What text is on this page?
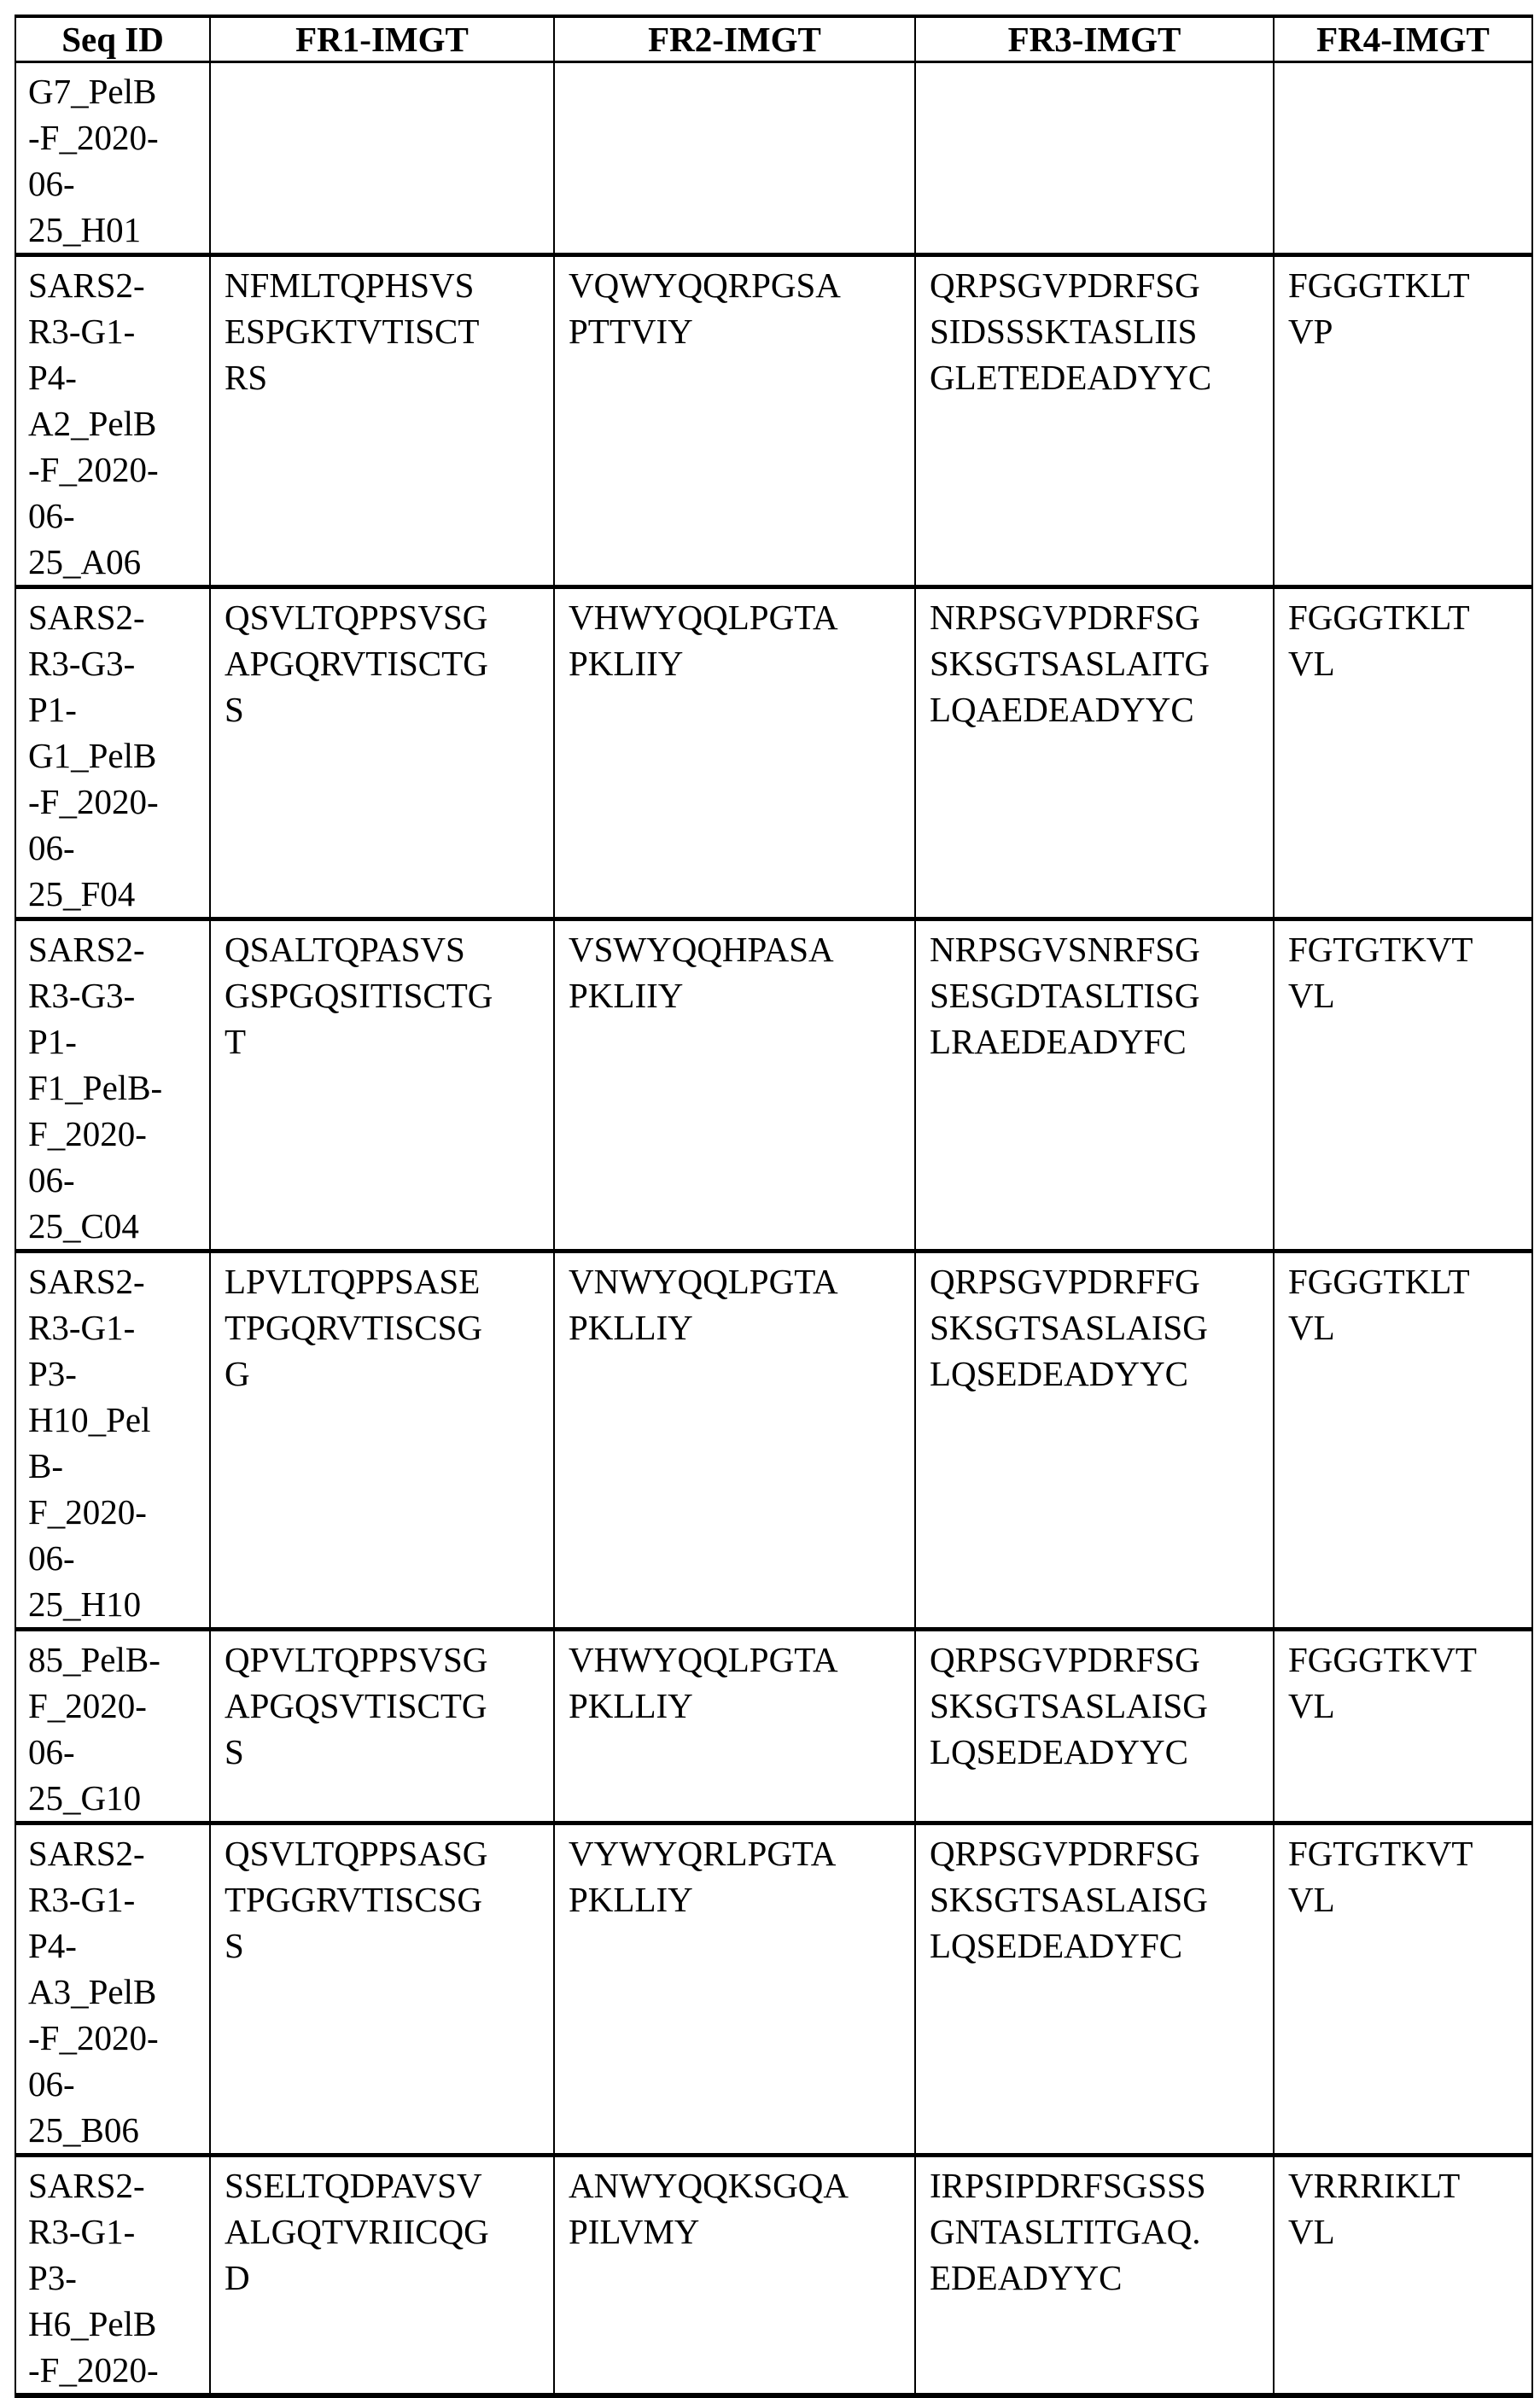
Seq ID	FR1-IMGT	FR2-IMGT	FR3-IMGT	FR4-IMGT

G7_PelB
-F_2020-
06-
25_H01

SARS2-
R3-G1-
P4-
A2_PelB
-F_2020-
06-
25_A06

NFMLTQPHSVS
ESPGKTVTISCT
RS

VQWYQQRPGSA
PTTVIY

QRPSGVPDRFSG
SIDSSSKTASLIIS
GLETEDEADYYC

FGGGTKLT
VP

SARS2-
R3-G3-
P1-
G1_PelB
-F_2020-
06-
25_F04

QSVLTQPPSVSG
APGQRVTISCTG
S

VHWYQQLPGTA
PKLIIY

NRPSGVPDRFSG
SKSGTSASLAITG
LQAEDEADYYC

FGGGTKLT
VL

SARS2-
R3-G3-
P1-
F1_PelB-
F_2020-
06-
25_C04

QSALTQPASVS
GSPGQSITISCTG
T

VSWYQQHPASA
PKLIIY

NRPSGVSNRFSG
SESGDTASLTISG
LRAEDEADYFC

FGTGTKVT
VL

SARS2-
R3-G1-
P3-
H10_Pel
B-
F_2020-
06-
25_H10

LPVLTQPPSASE
TPGQRVTISCSG
G

VNWYQQLPGTA
PKLLIY

QRPSGVPDRFFG
SKSGTSASLAISG
LQSEDEADYYC

FGGGTKLT
VL

85_PelB-
F_2020-
06-
25_G10

QPVLTQPPSVSG
APGQSVTISCTG
S

VHWYQQLPGTA
PKLLIY

QRPSGVPDRFSG
SKSGTSASLAISG
LQSEDEADYYC

FGGGTKVT
VL

SARS2-
R3-G1-
P4-
A3_PelB
-F_2020-
06-
25_B06

QSVLTQPPSASG
TPGGRVTISCSG
S

VYWYQRLPGTA
PKLLIY

QRPSGVPDRFSG
SKSGTSASLAISG
LQSEDEADYFC

FGTGTKVT
VL

SARS2-
R3-G1-
P3-
H6_PelB
-F_2020-

SSELTQDPAVSV
ALGQTVRIICQG
D

ANWYQQKSGQA
PILVMY

IRPSIPDRFSGSSS
GNTASLTITGAQ.
EDEADYYC

VRRRIKLT
VL
